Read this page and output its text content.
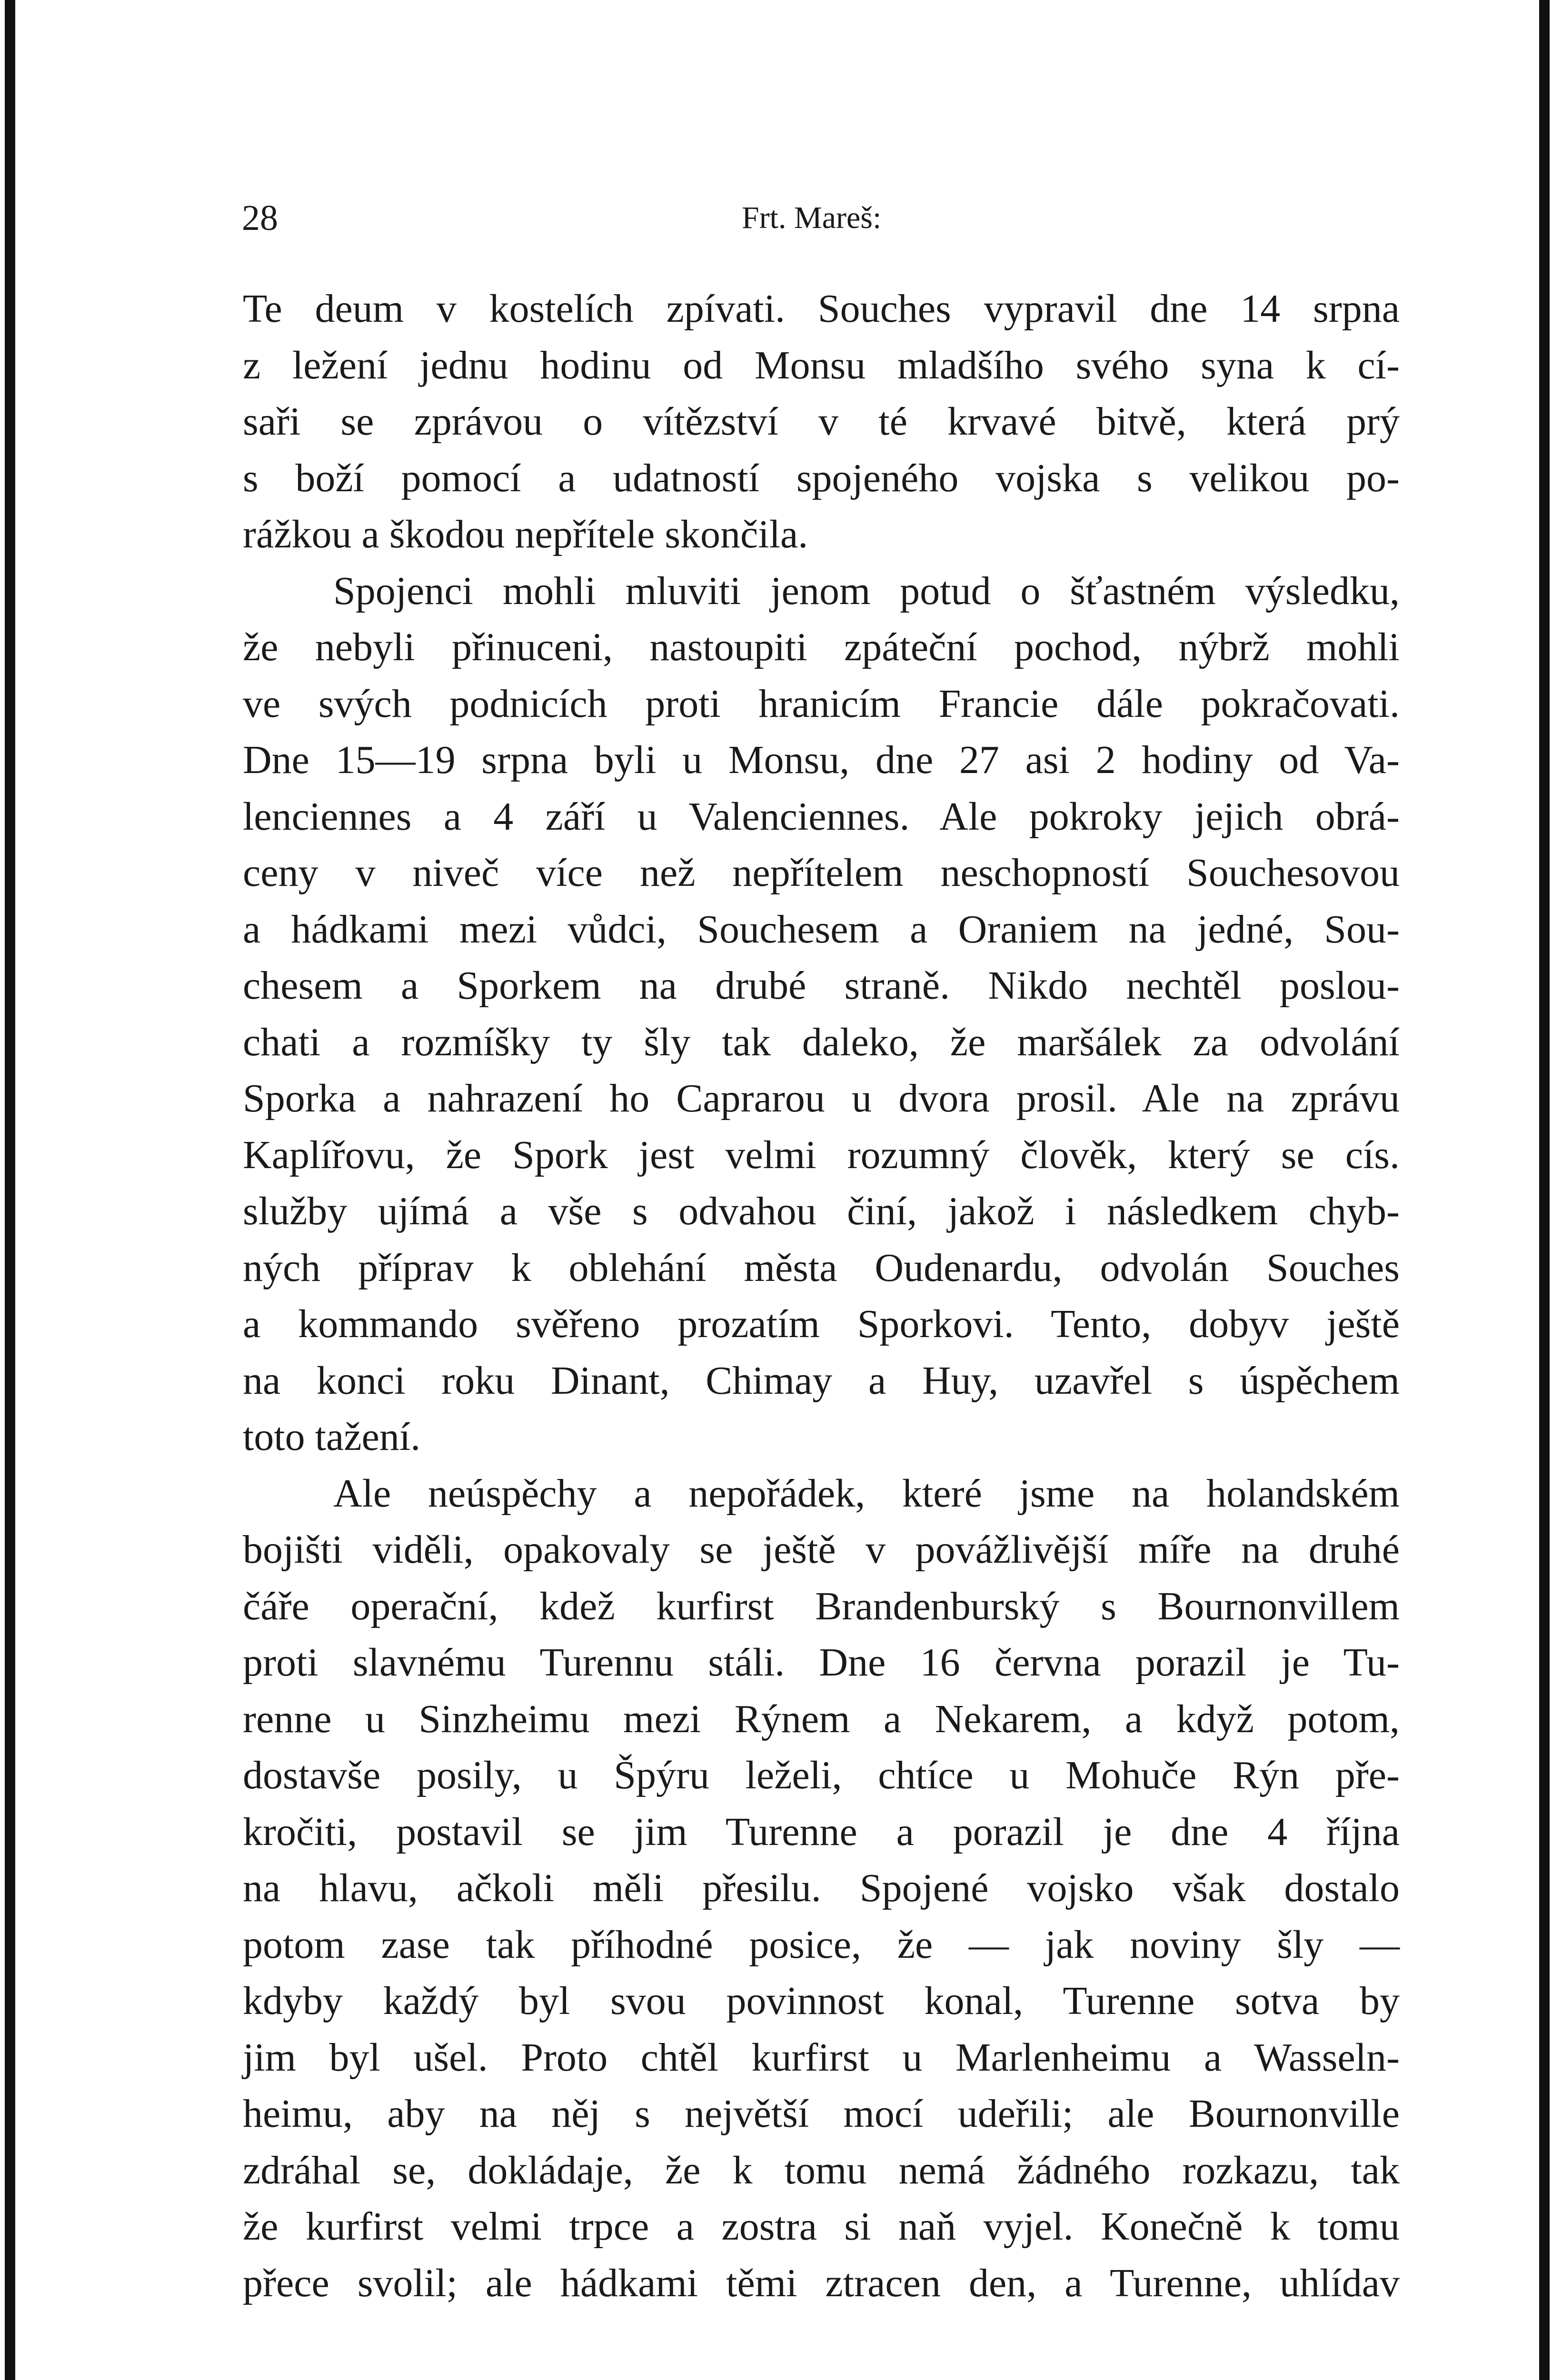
28	Frt. Mareš:
Te deum v kostelích zpívati. Souches vypravil dne 14 srpna
z ležení jednu hodinu od Monsu mladšího svého syna k cí-
saři se zprávou o vítězství v té krvavé bitvě, která prý
s boží pomocí a udatností spojeného vojska s velikou po-
rážkou a škodou nepřítele skončila.
Spojenci mohli mluviti jenom potud o šťastném výsledku,
že nebyli přinuceni, nastoupiti zpáteční pochod, nýbrž mohli
ve svých podnicích proti hranicím Francie dále pokračovati.
Dne 15—19 srpna byli u Monsu, dne 27 asi 2 hodiny od Va-
lenciennes a 4 září u Valenciennes. Ale pokroky jejich obrá-
ceny v niveč více než nepřítelem neschopností Souchesovou
a hádkami mezi vůdci, Souchesem a Oraniem na jedné, Sou-
chesem a Sporkem na drubé straně. Nikdo nechtěl poslou-
chati a rozmíšky ty šly tak daleko, že maršálek za odvolání
Sporka a nahrazení ho Caprarou u dvora prosil. Ale na zprávu
Kaplířovu, že Spork jest velmi rozumný člověk, který se cís.
služby ujímá a vše s odvahou činí, jakož i následkem chyb-
ných příprav k oblehání města Oudenardu, odvolán Souches
a kommando svěřeno prozatím Sporkovi. Tento, dobyv ještě
na konci roku Dinant, Chimay a Huy, uzavřel s úspěchem
toto tažení.
Ale neúspěchy a nepořádek, které jsme na holandském
bojišti viděli, opakovaly se ještě v povážlivější míře na druhé
čáře operační, kdež kurfirst Brandenburský s Bournonvillem
proti slavnému Turennu stáli. Dne 16 června porazil je Tu-
renne u Sinzheimu mezi Rýnem a Nekarem, a když potom,
dostavše posily, u Špýru leželi, chtíce u Mohuče Rýn pře-
kročiti, postavil se jim Turenne a porazil je dne 4 října
na hlavu, ačkoli měli přesilu. Spojené vojsko však dostalo
potom zase tak příhodné posice, že — jak noviny šly —
kdyby každý byl svou povinnost konal, Turenne sotva by
jim byl ušel. Proto chtěl kurfirst u Marlenheimu a Wasseln-
heimu, aby na něj s největší mocí udeřili; ale Bournonville
zdráhal se, dokládaje, že k tomu nemá žádného rozkazu, tak
že kurfirst velmi trpce a zostra si naň vyjel. Konečně k tomu
přece svolil; ale hádkami těmi ztracen den, a Turenne, uhlídav
